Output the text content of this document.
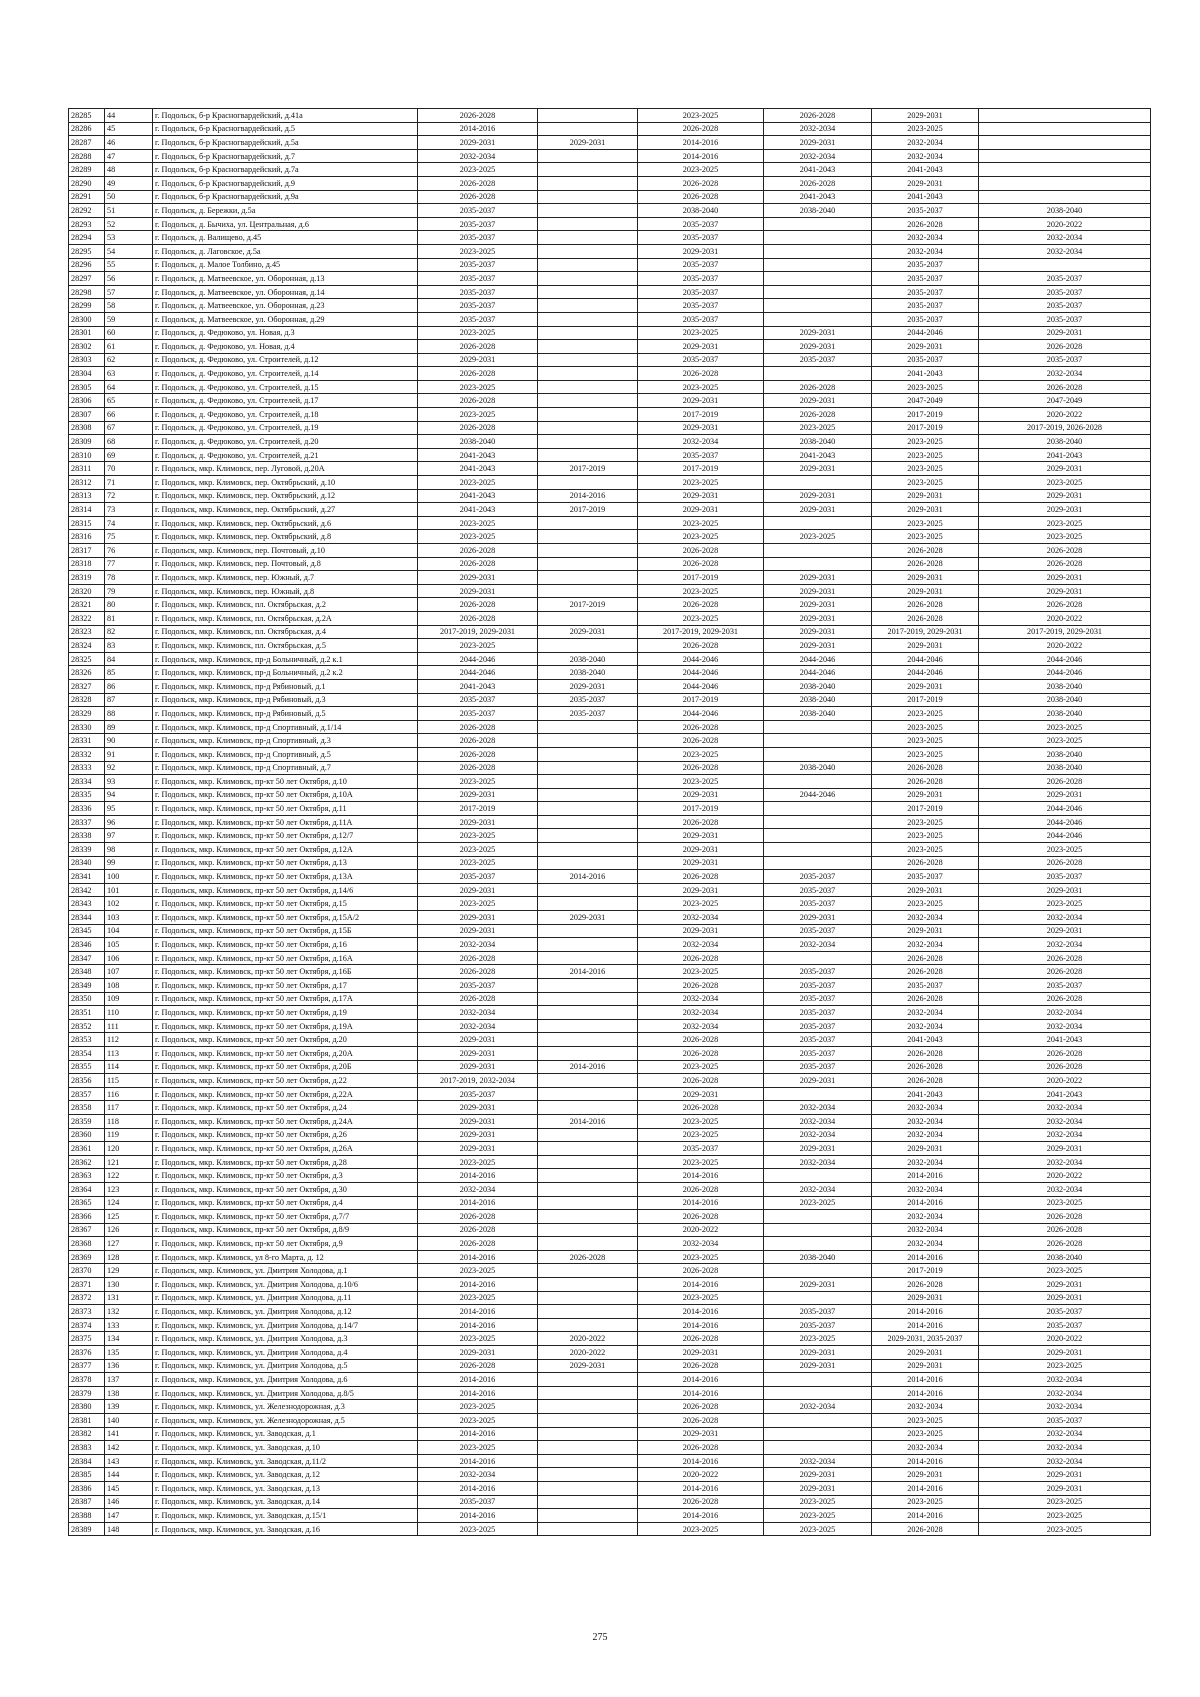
28285	44	г. Подольск, б-р Красногвардейский, д.41а	2026-2028		2023-2025	2026-2028	2029-2031	
28286	45	г. Подольск, б-р Красногвардейский, д.5	2014-2016		2026-2028	2032-2034	2023-2025	
28287	46	г. Подольск, б-р Красногвардейский, д.5а	2029-2031	2029-2031	2014-2016	2029-2031	2032-2034	
28288	47	г. Подольск, б-р Красногвардейский, д.7	2032-2034		2014-2016	2032-2034	2032-2034	
28289	48	г. Подольск, б-р Красногвардейский, д.7а	2023-2025		2023-2025	2041-2043	2041-2043	
28290	49	г. Подольск, б-р Красногвардейский, д.9	2026-2028		2026-2028	2026-2028	2029-2031	
28291	50	г. Подольск, б-р Красногвардейский, д.9а	2026-2028		2026-2028	2041-2043	2041-2043	
28292	51	г. Подольск, д. Бережки, д.5а	2035-2037		2038-2040	2038-2040	2035-2037	2038-2040
28293	52	г. Подольск, д. Бычиха, ул. Центральная, д.6	2035-2037		2035-2037		2026-2028	2020-2022
28294	53	г. Подольск, д. Валищево, д.45	2035-2037		2035-2037		2032-2034	2032-2034
28295	54	г. Подольск, д. Лаговское, д.5а	2023-2025		2029-2031		2032-2034	2032-2034
28296	55	г. Подольск, д. Малое Толбино, д.45	2035-2037		2035-2037		2035-2037	
28297	56	г. Подольск, д. Матвеевское, ул. Оборонная, д.13	2035-2037		2035-2037		2035-2037	2035-2037
28298	57	г. Подольск, д. Матвеевское, ул. Оборонная, д.14	2035-2037		2035-2037		2035-2037	2035-2037
28299	58	г. Подольск, д. Матвеевское, ул. Оборонная, д.23	2035-2037		2035-2037		2035-2037	2035-2037
28300	59	г. Подольск, д. Матвеевское, ул. Оборонная, д.29	2035-2037		2035-2037		2035-2037	2035-2037
28301	60	г. Подольск, д. Федюково, ул. Новая, д.3	2023-2025		2023-2025	2029-2031	2044-2046	2029-2031
28302	61	г. Подольск, д. Федюково, ул. Новая, д.4	2026-2028		2029-2031	2029-2031	2029-2031	2026-2028
28303	62	г. Подольск, д. Федюково, ул. Строителей, д.12	2029-2031		2035-2037	2035-2037	2035-2037	2035-2037
28304	63	г. Подольск, д. Федюково, ул. Строителей, д.14	2026-2028		2026-2028		2041-2043	2032-2034
28305	64	г. Подольск, д. Федюково, ул. Строителей, д.15	2023-2025		2023-2025	2026-2028	2023-2025	2026-2028
28306	65	г. Подольск, д. Федюково, ул. Строителей, д.17	2026-2028		2029-2031	2029-2031	2047-2049	2047-2049
28307	66	г. Подольск, д. Федюково, ул. Строителей, д.18	2023-2025		2017-2019	2026-2028	2017-2019	2020-2022
28308	67	г. Подольск, д. Федюково, ул. Строителей, д.19	2026-2028		2029-2031	2023-2025	2017-2019	2017-2019, 2026-2028
28309	68	г. Подольск, д. Федюково, ул. Строителей, д.20	2038-2040		2032-2034	2038-2040	2023-2025	2038-2040
28310	69	г. Подольск, д. Федюково, ул. Строителей, д.21	2041-2043		2035-2037	2041-2043	2023-2025	2041-2043
28311	70	г. Подольск, мкр. Климовск, пер. Луговой, д.20А	2041-2043	2017-2019	2017-2019	2029-2031	2023-2025	2029-2031
28312	71	г. Подольск, мкр. Климовск, пер. Октябрьский, д.10	2023-2025		2023-2025		2023-2025	2023-2025
28313	72	г. Подольск, мкр. Климовск, пер. Октябрьский, д.12	2041-2043	2014-2016	2029-2031	2029-2031	2029-2031	2029-2031
28314	73	г. Подольск, мкр. Климовск, пер. Октябрьский, д.27	2041-2043	2017-2019	2029-2031	2029-2031	2029-2031	2029-2031
28315	74	г. Подольск, мкр. Климовск, пер. Октябрьский, д.6	2023-2025		2023-2025		2023-2025	2023-2025
28316	75	г. Подольск, мкр. Климовск, пер. Октябрьский, д.8	2023-2025		2023-2025	2023-2025	2023-2025	2023-2025
28317	76	г. Подольск, мкр. Климовск, пер. Почтовый, д.10	2026-2028		2026-2028		2026-2028	2026-2028
28318	77	г. Подольск, мкр. Климовск, пер. Почтовый, д.8	2026-2028		2026-2028		2026-2028	2026-2028
28319	78	г. Подольск, мкр. Климовск, пер. Южный, д.7	2029-2031		2017-2019	2029-2031	2029-2031	2029-2031
28320	79	г. Подольск, мкр. Климовск, пер. Южный, д.8	2029-2031		2023-2025	2029-2031	2029-2031	2029-2031
28321	80	г. Подольск, мкр. Климовск, пл. Октябрьская, д.2	2026-2028	2017-2019	2026-2028	2029-2031	2026-2028	2026-2028
28322	81	г. Подольск, мкр. Климовск, пл. Октябрьская, д.2А	2026-2028		2023-2025	2029-2031	2026-2028	2020-2022
28323	82	г. Подольск, мкр. Климовск, пл. Октябрьская, д.4	2017-2019, 2029-2031	2029-2031	2017-2019, 2029-2031	2029-2031	2017-2019, 2029-2031	2017-2019, 2029-2031
28324	83	г. Подольск, мкр. Климовск, пл. Октябрьская, д.5	2023-2025		2026-2028	2029-2031	2029-2031	2020-2022
28325	84	г. Подольск, мкр. Климовск, пр-д Больничный, д.2 к.1	2044-2046	2038-2040	2044-2046	2044-2046	2044-2046	2044-2046
28326	85	г. Подольск, мкр. Климовск, пр-д Больничный, д.2 к.2	2044-2046	2038-2040	2044-2046	2044-2046	2044-2046	2044-2046
28327	86	г. Подольск, мкр. Климовск, пр-д Рябиновый, д.1	2041-2043	2029-2031	2044-2046	2038-2040	2029-2031	2038-2040
28328	87	г. Подольск, мкр. Климовск, пр-д Рябиновый, д.3	2035-2037	2035-2037	2017-2019	2038-2040	2017-2019	2038-2040
28329	88	г. Подольск, мкр. Климовск, пр-д Рябиновый, д.5	2035-2037	2035-2037	2044-2046	2038-2040	2023-2025	2038-2040
28330	89	г. Подольск, мкр. Климовск, пр-д Спортивный, д.1/14	2026-2028		2026-2028		2023-2025	2023-2025
28331	90	г. Подольск, мкр. Климовск, пр-д Спортивный, д.3	2026-2028		2026-2028		2023-2025	2023-2025
28332	91	г. Подольск, мкр. Климовск, пр-д Спортивный, д.5	2026-2028		2023-2025		2023-2025	2038-2040
28333	92	г. Подольск, мкр. Климовск, пр-д Спортивный, д.7	2026-2028		2026-2028	2038-2040	2026-2028	2038-2040
28334	93	г. Подольск, мкр. Климовск, пр-кт 50 лет Октября, д.10	2023-2025		2023-2025		2026-2028	2026-2028
28335	94	г. Подольск, мкр. Климовск, пр-кт 50 лет Октября, д.10А	2029-2031		2029-2031	2044-2046	2029-2031	2029-2031
28336	95	г. Подольск, мкр. Климовск, пр-кт 50 лет Октября, д.11	2017-2019		2017-2019		2017-2019	2044-2046
28337	96	г. Подольск, мкр. Климовск, пр-кт 50 лет Октября, д.11А	2029-2031		2026-2028		2023-2025	2044-2046
28338	97	г. Подольск, мкр. Климовск, пр-кт 50 лет Октября, д.12/7	2023-2025		2029-2031		2023-2025	2044-2046
28339	98	г. Подольск, мкр. Климовск, пр-кт 50 лет Октября, д.12А	2023-2025		2029-2031		2023-2025	2023-2025
28340	99	г. Подольск, мкр. Климовск, пр-кт 50 лет Октября, д.13	2023-2025		2029-2031		2026-2028	2026-2028
28341	100	г. Подольск, мкр. Климовск, пр-кт 50 лет Октября, д.13А	2035-2037	2014-2016	2026-2028	2035-2037	2035-2037	2035-2037
28342	101	г. Подольск, мкр. Климовск, пр-кт 50 лет Октября, д.14/6	2029-2031		2029-2031	2035-2037	2029-2031	2029-2031
28343	102	г. Подольск, мкр. Климовск, пр-кт 50 лет Октября, д.15	2023-2025		2023-2025	2035-2037	2023-2025	2023-2025
28344	103	г. Подольск, мкр. Климовск, пр-кт 50 лет Октября, д.15А/2	2029-2031	2029-2031	2032-2034	2029-2031	2032-2034	2032-2034
28345	104	г. Подольск, мкр. Климовск, пр-кт 50 лет Октября, д.15Б	2029-2031		2029-2031	2035-2037	2029-2031	2029-2031
28346	105	г. Подольск, мкр. Климовск, пр-кт 50 лет Октября, д.16	2032-2034		2032-2034	2032-2034	2032-2034	2032-2034
28347	106	г. Подольск, мкр. Климовск, пр-кт 50 лет Октября, д.16А	2026-2028		2026-2028		2026-2028	2026-2028
28348	107	г. Подольск, мкр. Климовск, пр-кт 50 лет Октября, д.16Б	2026-2028	2014-2016	2023-2025	2035-2037	2026-2028	2026-2028
28349	108	г. Подольск, мкр. Климовск, пр-кт 50 лет Октября, д.17	2035-2037		2026-2028	2035-2037	2035-2037	2035-2037
28350	109	г. Подольск, мкр. Климовск, пр-кт 50 лет Октября, д.17А	2026-2028		2032-2034	2035-2037	2026-2028	2026-2028
28351	110	г. Подольск, мкр. Климовск, пр-кт 50 лет Октября, д.19	2032-2034		2032-2034	2035-2037	2032-2034	2032-2034
28352	111	г. Подольск, мкр. Климовск, пр-кт 50 лет Октября, д.19А	2032-2034		2032-2034	2035-2037	2032-2034	2032-2034
28353	112	г. Подольск, мкр. Климовск, пр-кт 50 лет Октября, д.20	2029-2031		2026-2028	2035-2037	2041-2043	2041-2043
28354	113	г. Подольск, мкр. Климовск, пр-кт 50 лет Октября, д.20А	2029-2031		2026-2028	2035-2037	2026-2028	2026-2028
28355	114	г. Подольск, мкр. Климовск, пр-кт 50 лет Октября, д.20Б	2029-2031	2014-2016	2023-2025	2035-2037	2026-2028	2026-2028
28356	115	г. Подольск, мкр. Климовск, пр-кт 50 лет Октября, д.22	2017-2019, 2032-2034		2026-2028	2029-2031	2026-2028	2020-2022
28357	116	г. Подольск, мкр. Климовск, пр-кт 50 лет Октября, д.22А	2035-2037		2029-2031		2041-2043	2041-2043
28358	117	г. Подольск, мкр. Климовск, пр-кт 50 лет Октября, д.24	2029-2031		2026-2028	2032-2034	2032-2034	2032-2034
28359	118	г. Подольск, мкр. Климовск, пр-кт 50 лет Октября, д.24А	2029-2031	2014-2016	2023-2025	2032-2034	2032-2034	2032-2034
28360	119	г. Подольск, мкр. Климовск, пр-кт 50 лет Октября, д.26	2029-2031		2023-2025	2032-2034	2032-2034	2032-2034
28361	120	г. Подольск, мкр. Климовск, пр-кт 50 лет Октября, д.26А	2029-2031		2035-2037	2029-2031	2029-2031	2029-2031
28362	121	г. Подольск, мкр. Климовск, пр-кт 50 лет Октября, д.28	2023-2025		2023-2025	2032-2034	2032-2034	2032-2034
28363	122	г. Подольск, мкр. Климовск, пр-кт 50 лет Октября, д.3	2014-2016		2014-2016		2014-2016	2020-2022
28364	123	г. Подольск, мкр. Климовск, пр-кт 50 лет Октября, д.30	2032-2034		2026-2028	2032-2034	2032-2034	2032-2034
28365	124	г. Подольск, мкр. Климовск, пр-кт 50 лет Октября, д.4	2014-2016		2014-2016	2023-2025	2014-2016	2023-2025
28366	125	г. Подольск, мкр. Климовск, пр-кт 50 лет Октября, д.7/7	2026-2028		2026-2028		2032-2034	2026-2028
28367	126	г. Подольск, мкр. Климовск, пр-кт 50 лет Октября, д.8/9	2026-2028		2020-2022		2032-2034	2026-2028
28368	127	г. Подольск, мкр. Климовск, пр-кт 50 лет Октября, д.9	2026-2028		2032-2034		2032-2034	2026-2028
28369	128	г. Подольск, мкр. Климовск, ул 8-го Марта, д. 12	2014-2016	2026-2028	2023-2025	2038-2040	2014-2016	2038-2040
28370	129	г. Подольск, мкр. Климовск, ул. Дмитрия Холодова, д.1	2023-2025		2026-2028		2017-2019	2023-2025
28371	130	г. Подольск, мкр. Климовск, ул. Дмитрия Холодова, д.10/6	2014-2016		2014-2016	2029-2031	2026-2028	2029-2031
28372	131	г. Подольск, мкр. Климовск, ул. Дмитрия Холодова, д.11	2023-2025		2023-2025		2029-2031	2029-2031
28373	132	г. Подольск, мкр. Климовск, ул. Дмитрия Холодова, д.12	2014-2016		2014-2016	2035-2037	2014-2016	2035-2037
28374	133	г. Подольск, мкр. Климовск, ул. Дмитрия Холодова, д.14/7	2014-2016		2014-2016	2035-2037	2014-2016	2035-2037
28375	134	г. Подольск, мкр. Климовск, ул. Дмитрия Холодова, д.3	2023-2025	2020-2022	2026-2028	2023-2025	2029-2031, 2035-2037	2020-2022
28376	135	г. Подольск, мкр. Климовск, ул. Дмитрия Холодова, д.4	2029-2031	2020-2022	2029-2031	2029-2031	2029-2031	2029-2031
28377	136	г. Подольск, мкр. Климовск, ул. Дмитрия Холодова, д.5	2026-2028	2029-2031	2026-2028	2029-2031	2029-2031	2023-2025
28378	137	г. Подольск, мкр. Климовск, ул. Дмитрия Холодова, д.6	2014-2016		2014-2016		2014-2016	2032-2034
28379	138	г. Подольск, мкр. Климовск, ул. Дмитрия Холодова, д.8/5	2014-2016		2014-2016		2014-2016	2032-2034
28380	139	г. Подольск, мкр. Климовск, ул. Железнодорожная, д.3	2023-2025		2026-2028	2032-2034	2032-2034	2032-2034
28381	140	г. Подольск, мкр. Климовск, ул. Железнодорожная, д.5	2023-2025		2026-2028		2023-2025	2035-2037
28382	141	г. Подольск, мкр. Климовск, ул. Заводская, д.1	2014-2016		2029-2031		2023-2025	2032-2034
28383	142	г. Подольск, мкр. Климовск, ул. Заводская, д.10	2023-2025		2026-2028		2032-2034	2032-2034
28384	143	г. Подольск, мкр. Климовск, ул. Заводская, д.11/2	2014-2016		2014-2016	2032-2034	2014-2016	2032-2034
28385	144	г. Подольск, мкр. Климовск, ул. Заводская, д.12	2032-2034		2020-2022	2029-2031	2029-2031	2029-2031
28386	145	г. Подольск, мкр. Климовск, ул. Заводская, д.13	2014-2016		2014-2016	2029-2031	2014-2016	2029-2031
28387	146	г. Подольск, мкр. Климовск, ул. Заводская, д.14	2035-2037		2026-2028	2023-2025	2023-2025	2023-2025
28388	147	г. Подольск, мкр. Климовск, ул. Заводская, д.15/1	2014-2016		2014-2016	2023-2025	2014-2016	2023-2025
28389	148	г. Подольск, мкр. Климовск, ул. Заводская, д.16	2023-2025		2023-2025	2023-2025	2026-2028	2023-2025
275
